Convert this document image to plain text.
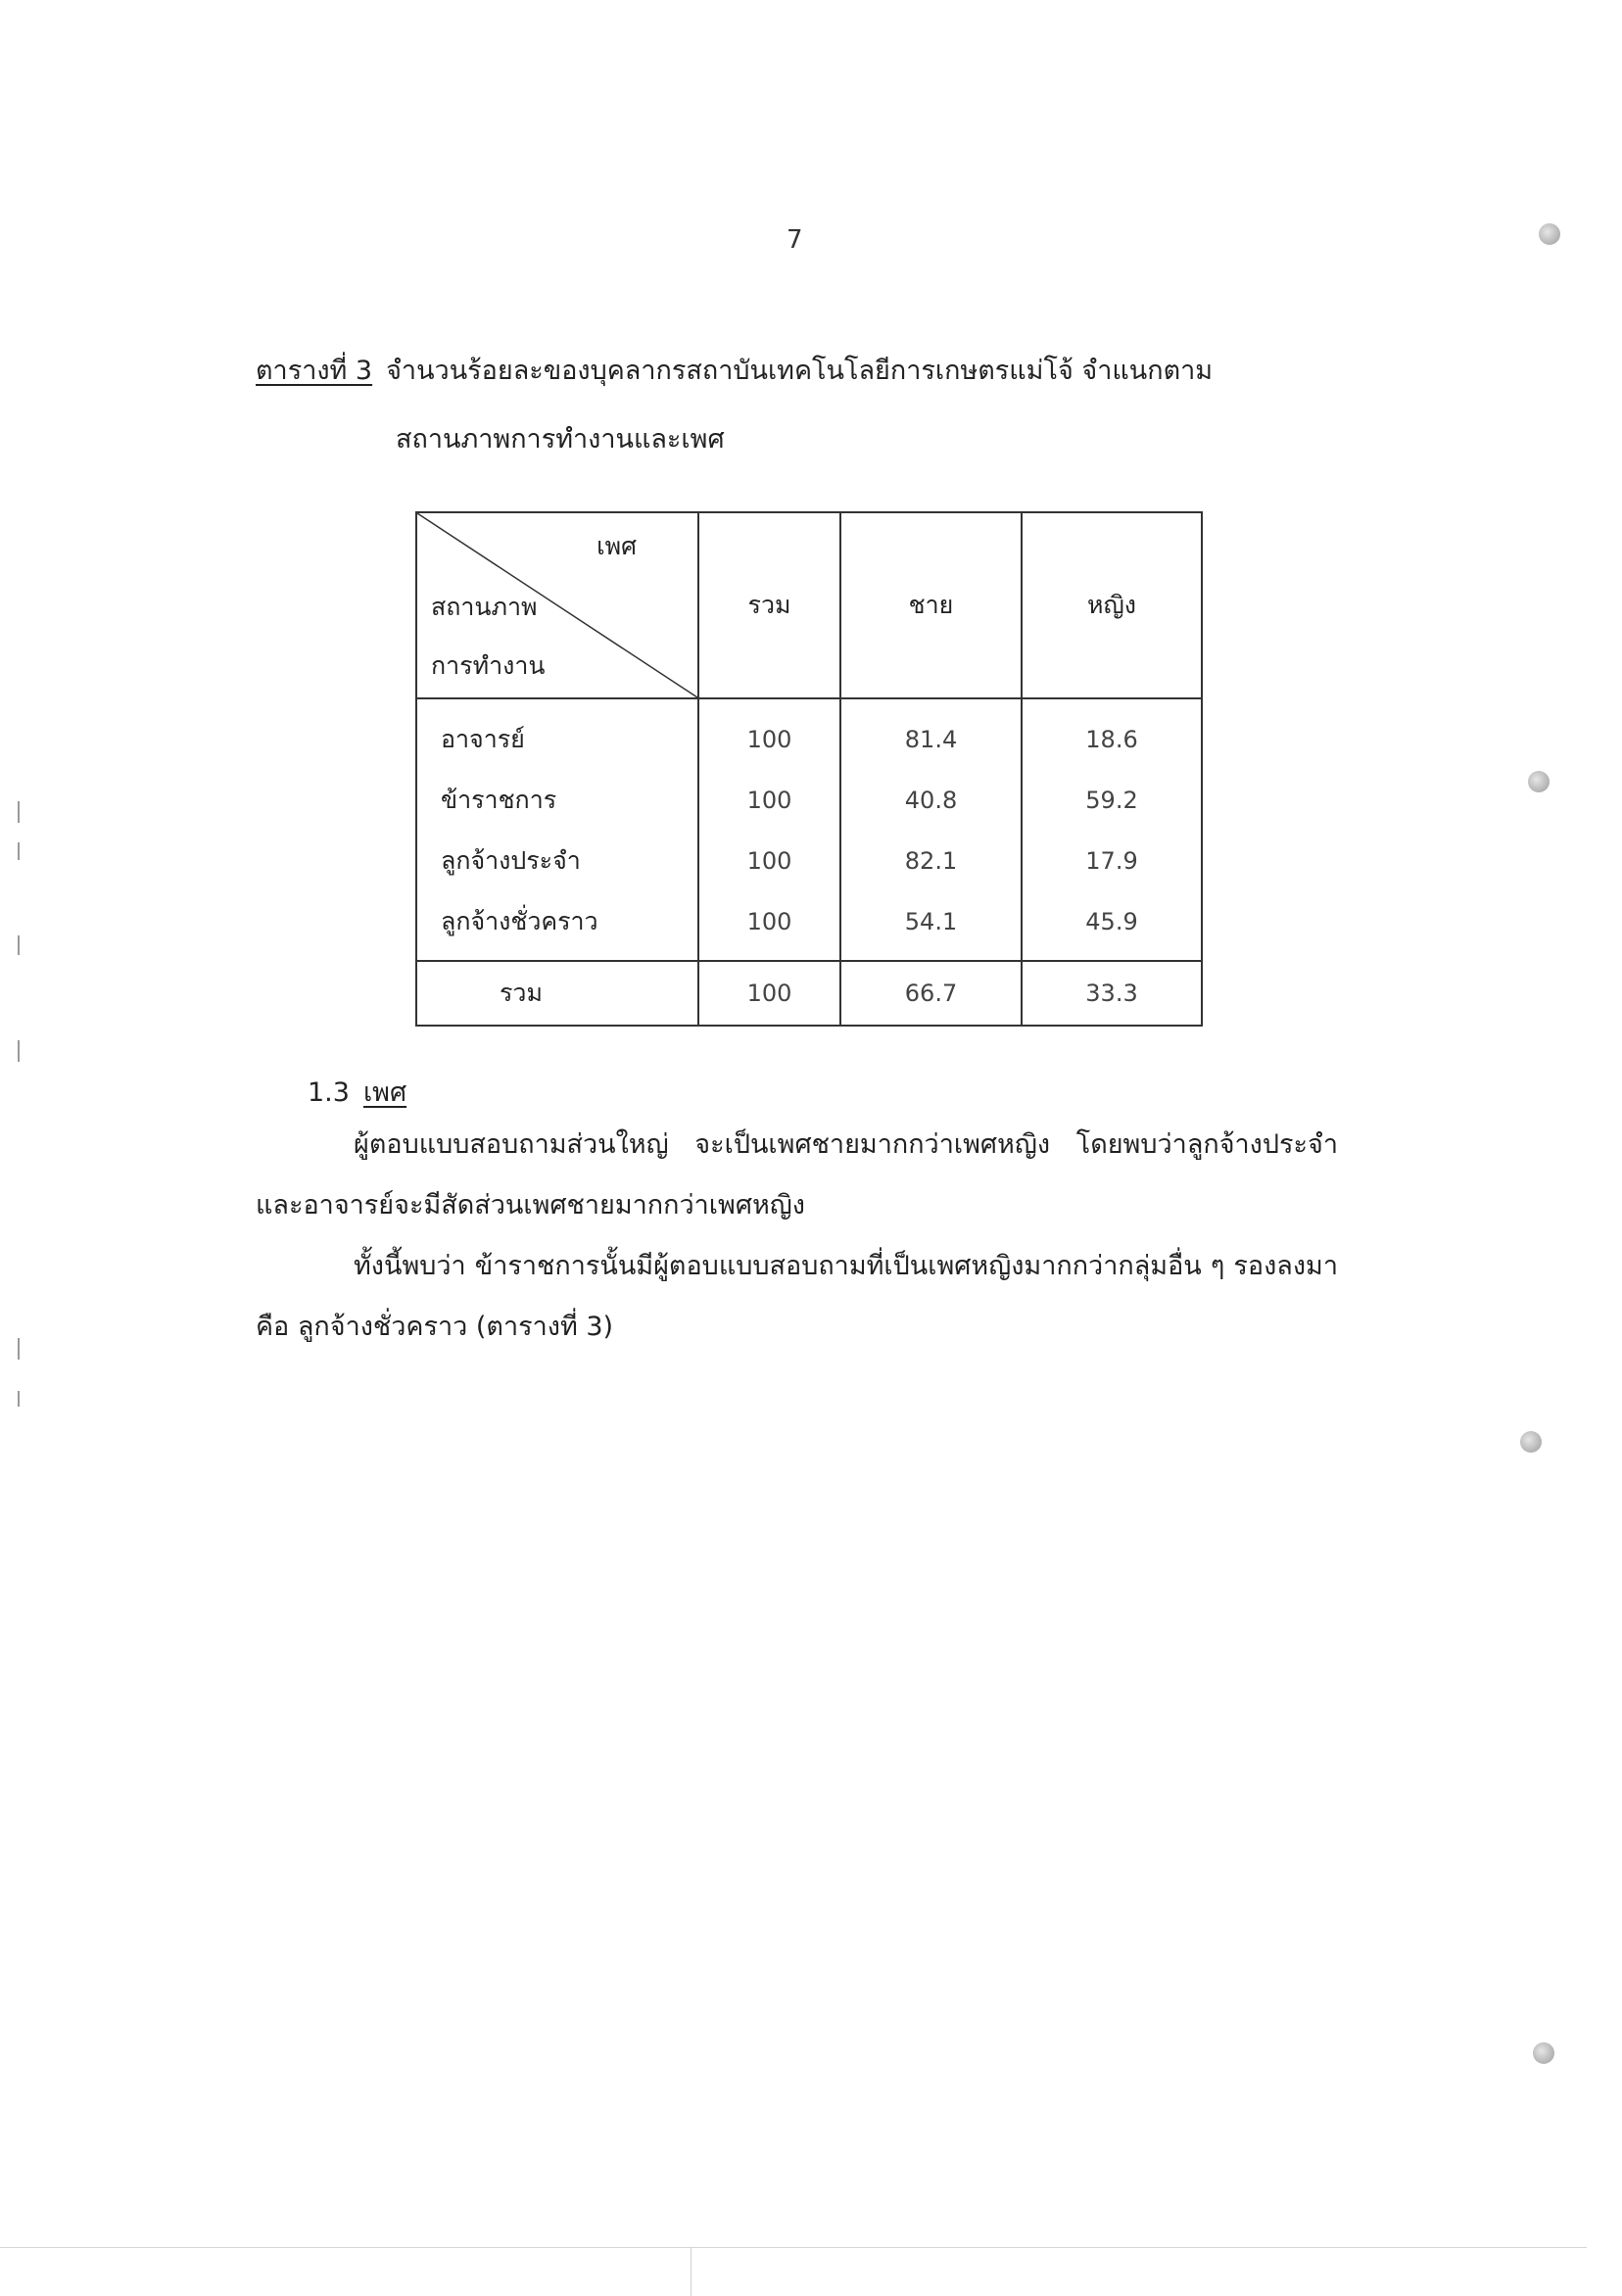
7
ตารางที่ 3 จำนวนร้อยละของบุคลากรสถาบันเทคโนโลยีการเกษตรแม่โจ้ จำแนกตาม
สถานภาพการทำงานและเพศ
เพศ
สถานภาพ
การทำงาน	รวม	ชาย	หญิง
อาจารย์	100	81.4	18.6
ข้าราชการ	100	40.8	59.2
ลูกจ้างประจำ	100	82.1	17.9
ลูกจ้างชั่วคราว	100	54.1	45.9
รวม	100	66.7	33.3
1.3 เพศ

ผู้ตอบแบบสอบถามส่วนใหญ่ จะเป็นเพศชายมากกว่าเพศหญิง โดยพบว่าลูกจ้างประจำและอาจารย์จะมีสัดส่วนเพศชายมากกว่าเพศหญิง

ทั้งนี้พบว่า ข้าราชการนั้นมีผู้ตอบแบบสอบถามที่เป็นเพศหญิงมากกว่ากลุ่มอื่น ๆ รองลงมาคือ ลูกจ้างชั่วคราว (ตารางที่ 3)
